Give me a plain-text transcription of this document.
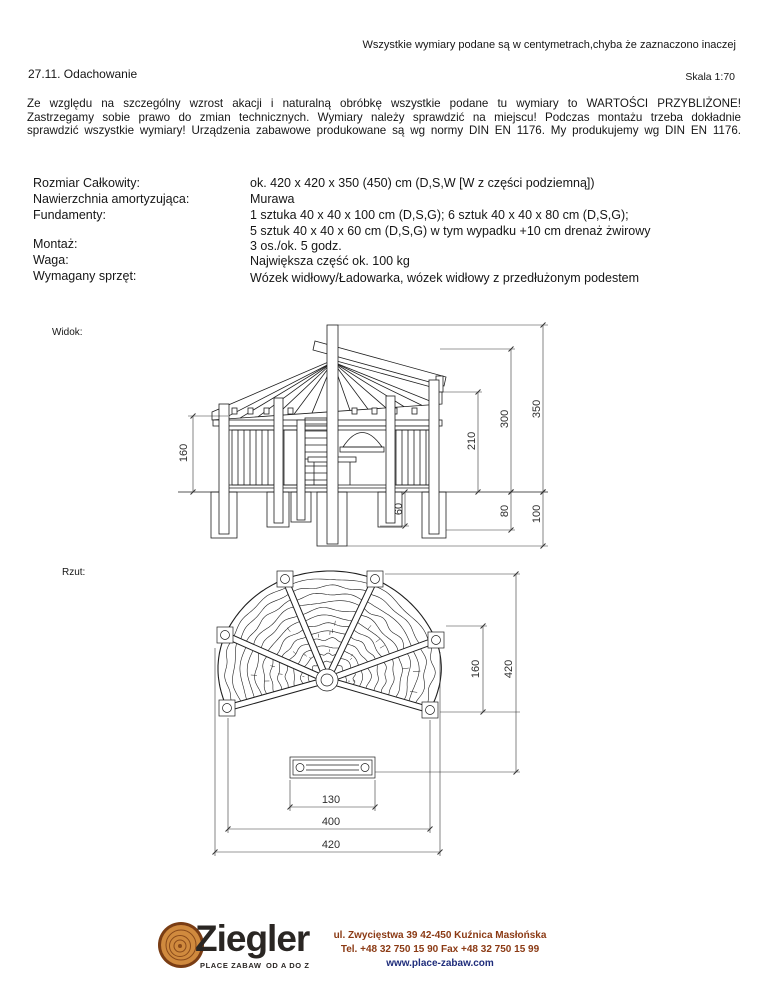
160
210
300
350
60	80 100
160 420
130
400
420
Wszystkie wymiary podane są w centymetrach,chyba że zaznaczono inaczej
27.11. Odachowanie	Skala 1:70
Ze względu na szczególny wzrost akacji i naturalną obróbkę wszystkie podane tu wymiary to WARTOŚCI PRZYBLIŻONE!
Zastrzegamy sobie prawo do zmian technicznych. Wymiary należy sprawdzić na miejscu! Podczas montażu trzeba dokładnie
sprawdzić wszystkie wymiary! Urządzenia zabawowe produkowane są wg normy DIN EN 1176. My produkujemy wg DIN EN 1176.
Rozmiar Całkowity:	ok. 420 x 420 x 350 (450) cm (D,S,W [W z części podziemną])
Nawierzchnia amortyzująca:	Murawa
Fundamenty:	1 sztuka 40 x 40 x 100 cm (D,S,G); 6 sztuk 40 x 40 x 80 cm (D,S,G);
5 sztuk 40 x 40 x 60 cm (D,S,G) w tym wypadku +10 cm drenaż żwirowy
Montaż:	3 os./ok. 5 godz.
Waga:	Największa część ok. 100 kg
Wymagany sprzęt:	Wózek widłowy/Ładowarka, wózek widłowy z przedłużonym podestem
Widok:
Rzut:
Ziegler
PLACE ZABAW OD A DO Z
ul. Zwycięstwa 39 42-450 Kuźnica Masłońska
Tel. +48 32 750 15 90 Fax +48 32 750 15 99
www.place-zabaw.com
